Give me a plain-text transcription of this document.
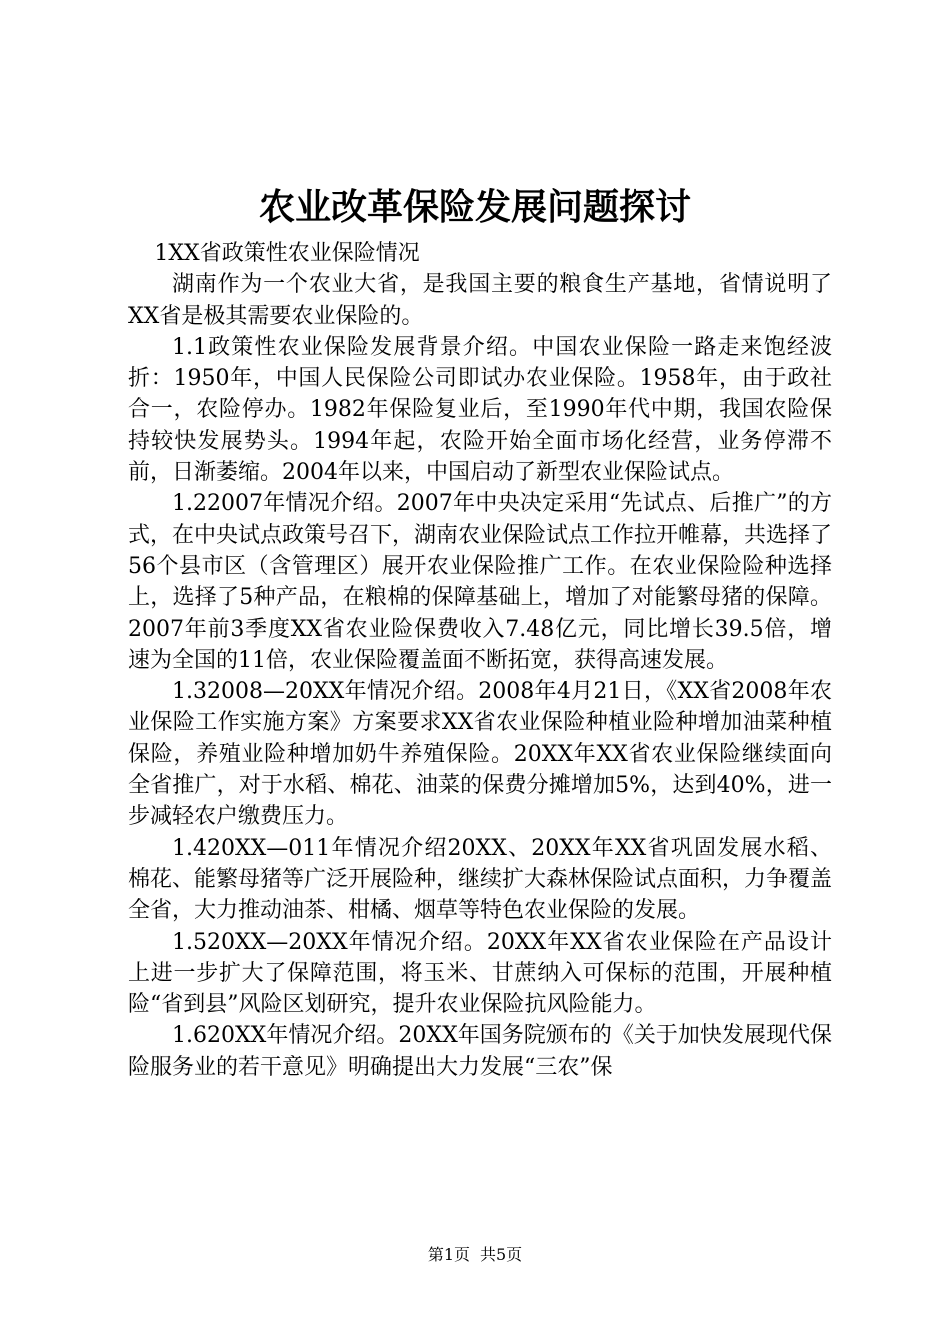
农业改革保险发展问题探讨

1XX省政策性农业保险情况

湖南作为一个农业大省，是我国主要的粮食生产基地，省情说明了XX省是极其需要农业保险的。

1.1政策性农业保险发展背景介绍。中国农业保险一路走来饱经波折：1950年，中国人民保险公司即试办农业保险。1958年，由于政社合一，农险停办。1982年保险复业后，至1990年代中期，我国农险保持较快发展势头。1994年起，农险开始全面市场化经营，业务停滞不前，日渐萎缩。2004年以来，中国启动了新型农业保险试点。

1.22007年情况介绍。2007年中央决定采用“先试点、后推广”的方式，在中央试点政策号召下，湖南农业保险试点工作拉开帷幕，共选择了56个县市区（含管理区）展开农业保险推广工作。在农业保险险种选择上，选择了5种产品，在粮棉的保障基础上，增加了对能繁母猪的保障。2007年前3季度XX省农业险保费收入7.48亿元，同比增长39.5倍，增速为全国的11倍，农业保险覆盖面不断拓宽，获得高速发展。

1.32008—20XX年情况介绍。2008年4月21日，《XX省2008年农业保险工作实施方案》方案要求XX省农业保险种植业险种增加油菜种植保险，养殖业险种增加奶牛养殖保险。20XX年XX省农业保险继续面向全省推广，对于水稻、棉花、油菜的保费分摊增加5%，达到40%，进一步减轻农户缴费压力。

1.420XX—011年情况介绍20XX、20XX年XX省巩固发展水稻、棉花、能繁母猪等广泛开展险种，继续扩大森林保险试点面积，力争覆盖全省，大力推动油茶、柑橘、烟草等特色农业保险的发展。

1.520XX—20XX年情况介绍。20XX年XX省农业保险在产品设计上进一步扩大了保障范围，将玉米、甘蔗纳入可保标的范围，开展种植险“省到县”风险区划研究，提升农业保险抗风险能力。

1.620XX年情况介绍。20XX年国务院颁布的《关于加快发展现代保险服务业的若干意见》明确提出大力发展“三农”保

第1页 共5页
